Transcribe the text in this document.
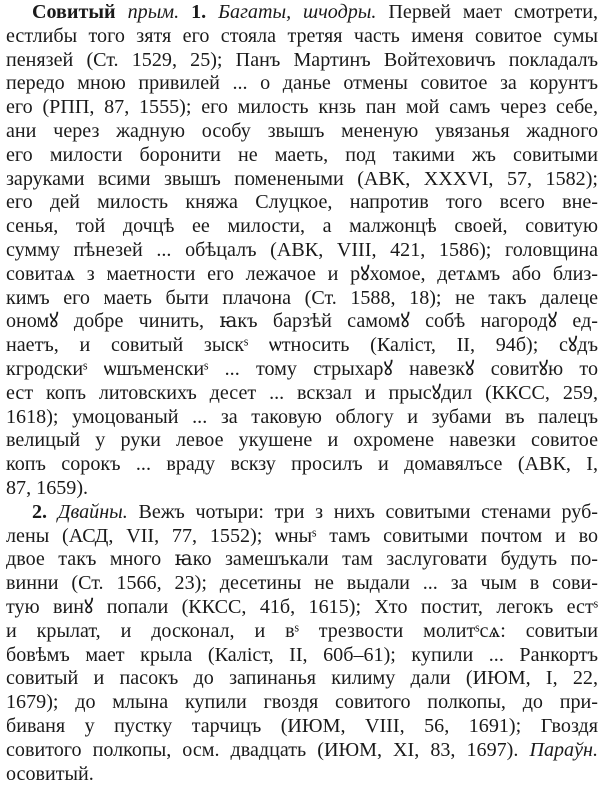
Совитый прым. 1. Багаты, шчодры. Первей мает смотрети,
естлибы того зятя его стояла третяя часть именя совитое сумы
пенязей (Ст. 1529, 25); Панъ Мартинъ Войтеховичъ покладалъ
передо мною привилей ... о данье отмены совитое за корунтъ
его (РПП, 87, 1555); его милость кнзь пан мой самъ через себе,
ани через жадную особу звышъ мененую увязанья жадного
его милости боронити не маеть, под такими жъ совитыми
заруками всими звышъ поменеными (АВК, XXXVI, 57, 1582);
его дей милость княжа Слуцкое, напротив того всего вне-
сенья, той дочцѣ ее милости, а малжонцѣ своей, совитую
сумму пѣнезей ... обѣцалъ (АВК, VIII, 421, 1586); головщина
совитаѧ з маетности его лежачое и рꙋхомое, детѧмъ або близ-
кимъ его маеть быти плачона (Ст. 1588, 18); не такъ далеце
ономꙋ добре чинить, ꙗкъ барзѣй самомꙋ собѣ нагородꙋ ед-
наетъ, и совитый зыскˢ ѡтносить (Каліст, II, 94б); сꙋдъ
кгродскиˢ ѡшъменскиˢ ... тому стрыхарꙋ навезкꙋ совитꙋю то
ест копъ литовскихъ десет ... вскзал и прысꙋдил (ККСС, 259,
1618); умоцованый ... за таковую облогу и зубами въ палецъ
велицый у руки левое укушене и охромене навезки совитое
копъ сорокъ ... враду вскзу просилъ и домавялъсе (АВК, І,
87, 1659).
2. Двайны. Вежъ чотыри: три з нихъ совитыми стенами руб-
лены (АСД, VII, 77, 1552); ѡныˢ тамъ совитыми почтом и во
двое такъ много ꙗко замешъкали там заслуговати будуть по-
винни (Ст. 1566, 23); десетины не выдали ... за чым в сови-
тую винꙋ попали (ККСС, 41б, 1615); Хто постит, легокъ естˢ
и крылат, и досконал, и вˢ трезвости молитˢсѧ: совитыи
бовѣмъ мает крыла (Каліст, II, 60б–61); купили ... Ранкортъ
совитый и пасокъ до запинанья килиму дали (ИЮМ, І, 22,
1679); до млына купили гвоздя совитого полкопы, до при-
биваня у пустку тарчицъ (ИЮМ, VIII, 56, 1691); Гвоздя
совитого полкопы, осм. двадцать (ИЮМ, ХІ, 83, 1697). Параўн.
осовитый.
